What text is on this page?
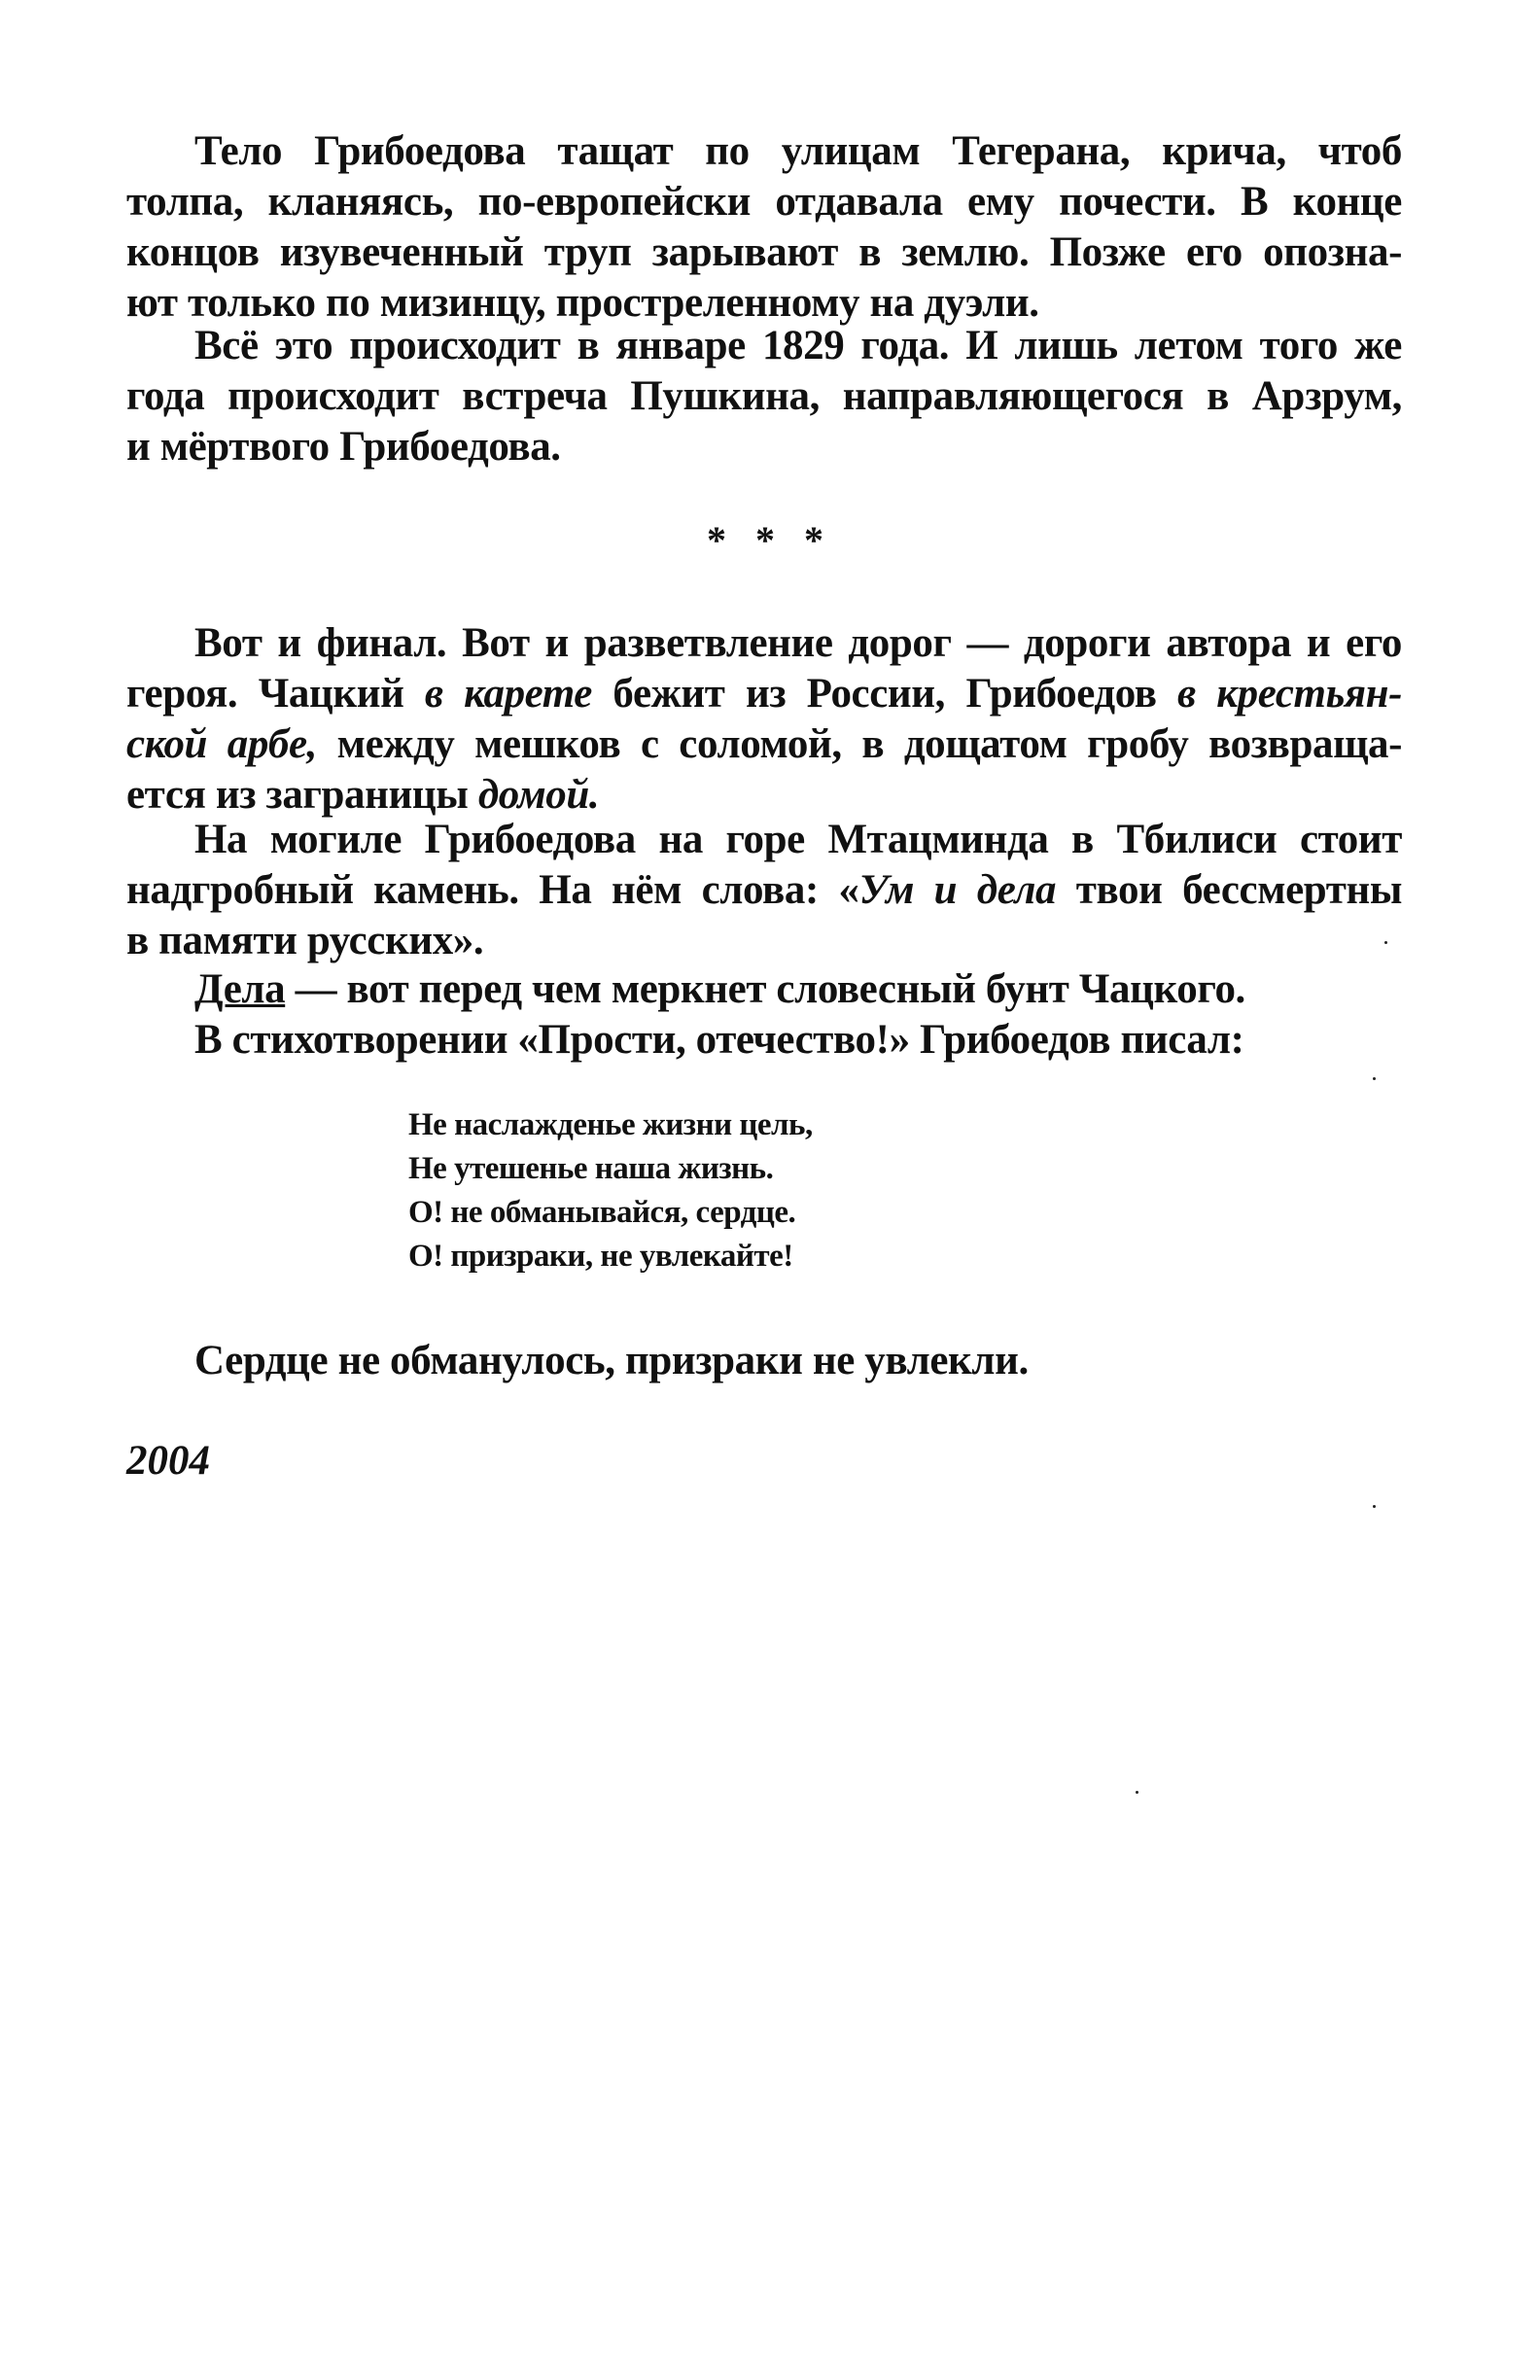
Тело Грибоедова тащат по улицам Тегерана, крича, чтоб
толпа, кланяясь, по-европейски отдавала ему почести. В конце
концов изувеченный труп зарывают в землю. Позже его опозна-
ют только по мизинцу, простреленному на дуэли.
Всё это происходит в январе 1829 года. И лишь летом того же
года происходит встреча Пушкина, направляющегося в Арзрум,
и мёртвого Грибоедова.
* * *
Вот и финал. Вот и разветвление дорог — дороги автора и его
героя. Чацкий в карете бежит из России, Грибоедов в крестьян-
ской арбе, между мешков с соломой, в дощатом гробу возвраща-
ется из заграницы домой.
На могиле Грибоедова на горе Мтацминда в Тбилиси стоит
надгробный камень. На нём слова: «Ум и дела твои бессмертны
в памяти русских».
Дела — вот перед чем меркнет словесный бунт Чацкого.
В стихотворении «Прости, отечество!» Грибоедов писал:
Не наслажденье жизни цель,
Не утешенье наша жизнь.
О! не обманывайся, сердце.
О! призраки, не увлекайте!
Сердце не обманулось, призраки не увлекли.
2004
